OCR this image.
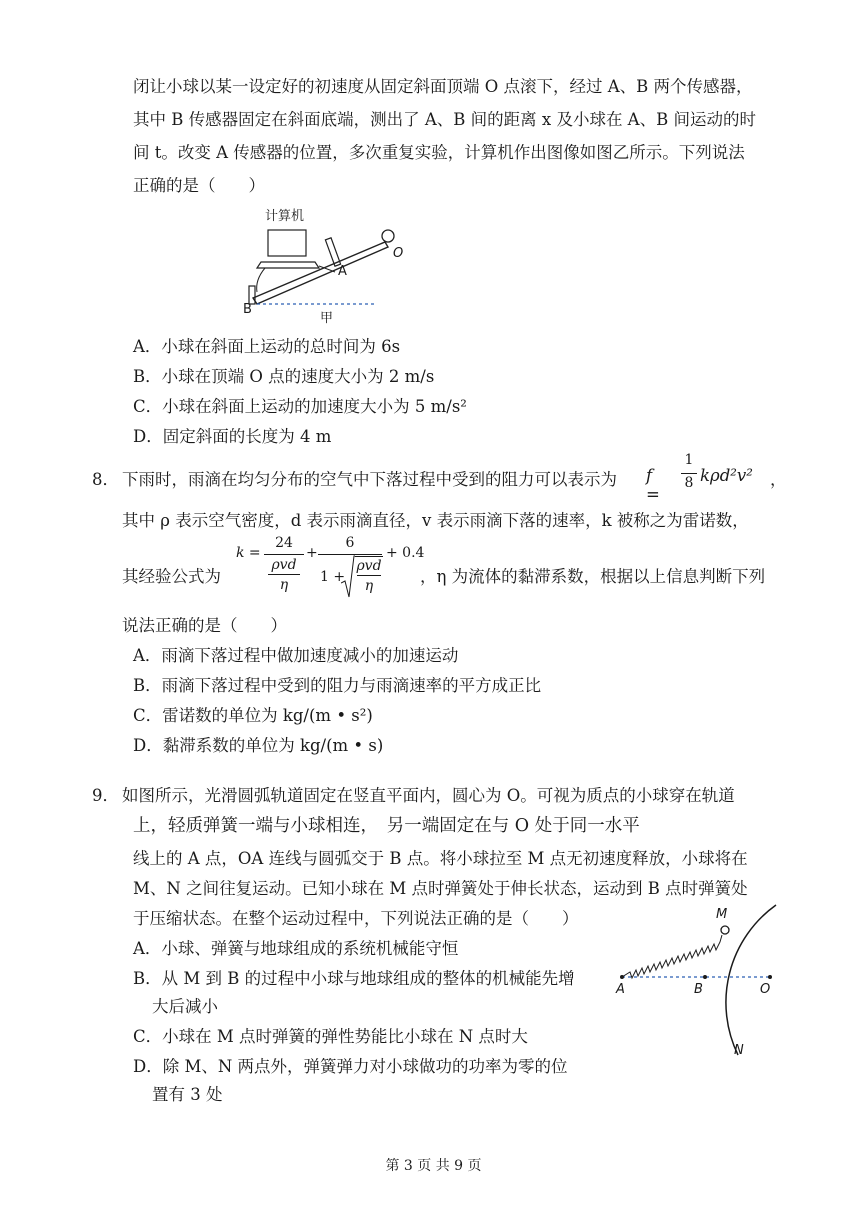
闭让小球以某一设定好的初速度从固定斜面顶端 O 点滚下，经过 A、B 两个传感器，
其中 B 传感器固定在斜面底端，测出了 A、B 间的距离 x 及小球在 A、B 间运动的时
间 t。改变 A 传感器的位置，多次重复实验，计算机作出图像如图乙所示。下列说法
正确的是（　　）
计算机
O
A
B
甲
A．小球在斜面上运动的总时间为 6s
B．小球在顶端 O 点的速度大小为 2 m/s
C．小球在斜面上运动的加速度大小为 5 m/s²
D．固定斜面的长度为 4 m
8． 下雨时，雨滴在均匀分布的空气中下落过程中受到的阻力可以表示为 f =
1
8 kρd²v² ，
其中 ρ 表示空气密度，d 表示雨滴直径，v 表示雨滴下落的速率，k 被称之为雷诺数，
其经验公式为
k =
24
ρvd
η
+
6
1 +
ρvd
η
+ 0.4
，η 为流体的黏滞系数，根据以上信息判断下列
说法正确的是（　　）
A．雨滴下落过程中做加速度减小的加速运动
B．雨滴下落过程中受到的阻力与雨滴速率的平方成正比
C．雷诺数的单位为 kg/(m • s²)
D．黏滞系数的单位为 kg/(m • s)
9． 如图所示，光滑圆弧轨道固定在竖直平面内，圆心为 O。可视为质点的小球穿在轨道
上，轻质弹簧一端与小球相连，　另一端固定在与 O 处于同一水平
线上的 A 点，OA 连线与圆弧交于 B 点。将小球拉至 M 点无初速度释放，小球将在
M、N 之间往复运动。已知小球在 M 点时弹簧处于伸长状态，运动到 B 点时弹簧处
于压缩状态。在整个运动过程中，下列说法正确的是（　　）
A．小球、弹簧与地球组成的系统机械能守恒
B．从 M 到 B 的过程中小球与地球组成的整体的机械能先增
大后减小
C．小球在 M 点时弹簧的弹性势能比小球在 N 点时大
D．除 M、N 两点外，弹簧弹力对小球做功的功率为零的位
置有 3 处
M
A	B	O
N
第 3 页 共 9 页
